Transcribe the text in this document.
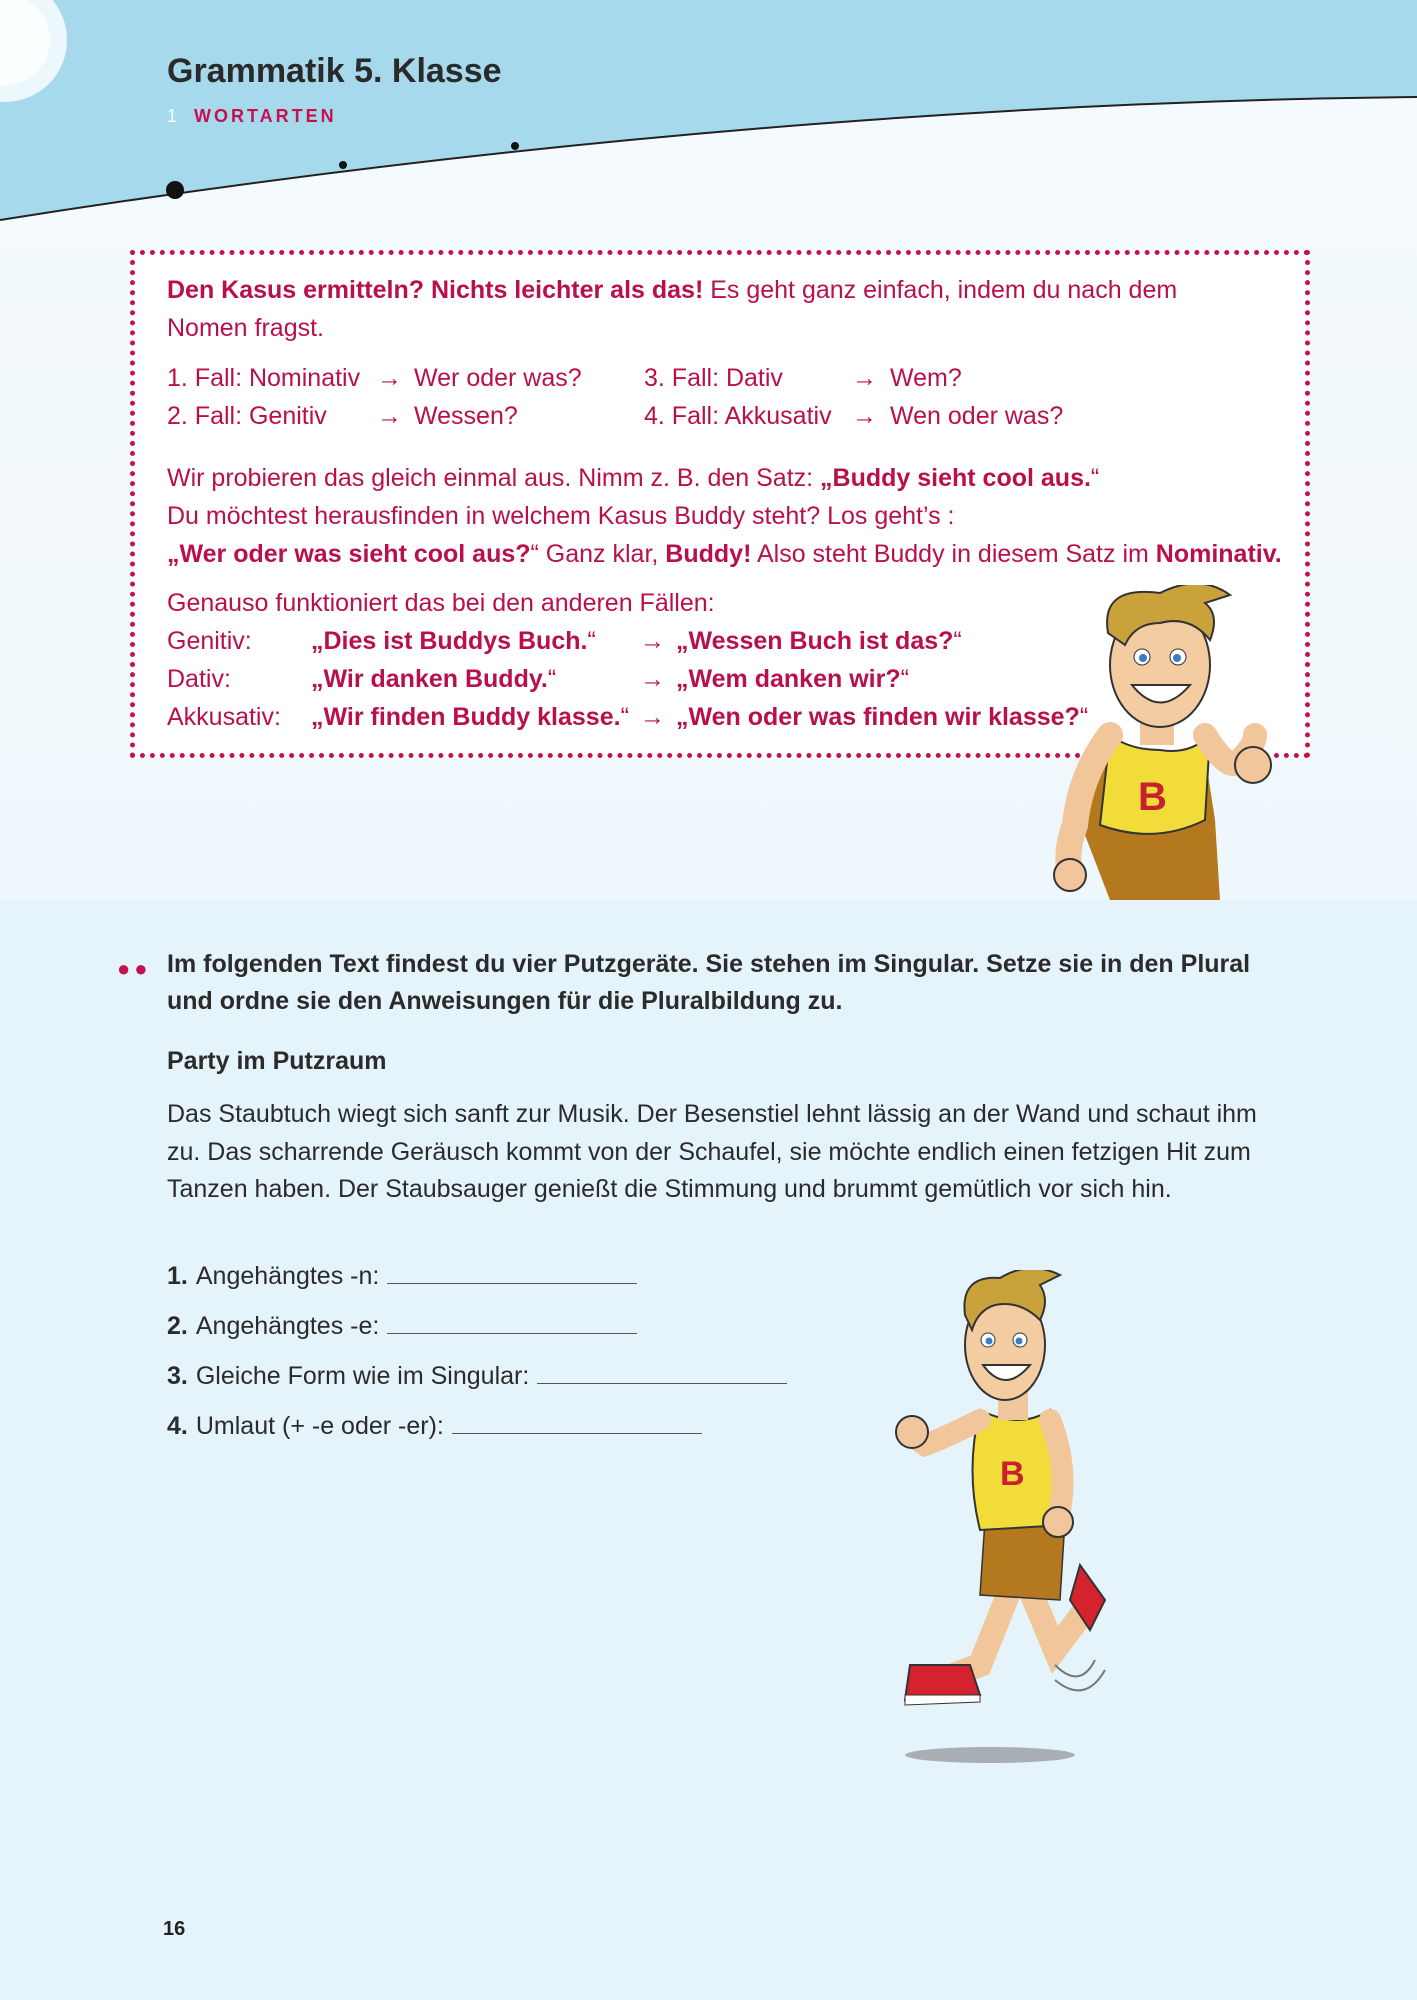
Grammatik 5. Klasse
1 WORTARTEN
Den Kasus ermitteln? Nichts leichter als das! Es geht ganz einfach, indem du nach dem
Nomen fragst.
1. Fall: Nominativ → Wer oder was?
2. Fall: Genitiv → Wessen?
3. Fall: Dativ	→ Wem?
4. Fall: Akkusativ → Wen oder was?
Wir probieren das gleich einmal aus. Nimm z. B. den Satz: „Buddy sieht cool aus.“
Du möchtest herausfinden in welchem Kasus Buddy steht? Los geht’s :
„Wer oder was sieht cool aus?“ Ganz klar, Buddy! Also steht Buddy in diesem Satz im Nominativ.
Genauso funktioniert das bei den anderen Fällen:
Genitiv: „Dies ist Buddys Buch.“ → „Wessen Buch ist das?“
Dativ:	„Wir danken Buddy.“	→ „Wem danken wir?“
Akkusativ: „Wir finden Buddy klasse.“ → „Wen oder was finden wir klasse?“
B
●● Im folgenden Text findest du vier Putzgeräte. Sie stehen im Singular. Setze sie in den Plural und ordne sie den Anweisungen für die Pluralbildung zu.
Party im Putzraum
Das Staubtuch wiegt sich sanft zur Musik. Der Besenstiel lehnt lässig an der Wand und schaut ihm zu. Das scharrende Geräusch kommt von der Schaufel, sie möchte endlich einen fetzigen Hit zum Tanzen haben. Der Staubsauger genießt die Stimmung und brummt gemütlich vor sich hin.
1. Angehängtes -n:
2. Angehängtes -e:
3. Gleiche Form wie im Singular:
4. Umlaut (+ -e oder -er):
B
16
